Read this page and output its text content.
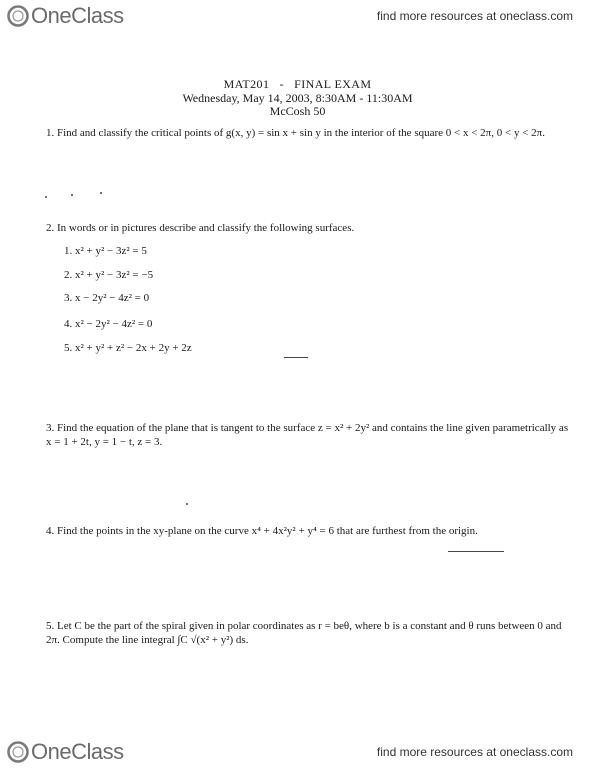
OneClass	find more resources at oneclass.com
MAT201 - FINAL EXAM
Wednesday, May 14, 2003, 8:30AM - 11:30AM
McCosh 50
1. Find and classify the critical points of g(x, y) = sin x + sin y in the interior of the square 0 < x < 2π, 0 < y < 2π.
2. In words or in pictures describe and classify the following surfaces.
1. x² + y² − 3z² = 5
2. x² + y² − 3z² = −5
3. x − 2y² − 4z² = 0
4. x² − 2y² − 4z² = 0
5. x² + y² + z² − 2x + 2y + 2z
3. Find the equation of the plane that is tangent to the surface z = x² + 2y² and contains the line given parametrically as x = 1 + 2t, y = 1 − t, z = 3.
4. Find the points in the xy-plane on the curve x⁴ + 4x²y² + y⁴ = 6 that are furthest from the origin.
5. Let C be the part of the spiral given in polar coordinates as r = beθ, where b is a constant and θ runs between 0 and 2π. Compute the line integral ∫C √(x² + y²) ds.
OneClass	find more resources at oneclass.com
